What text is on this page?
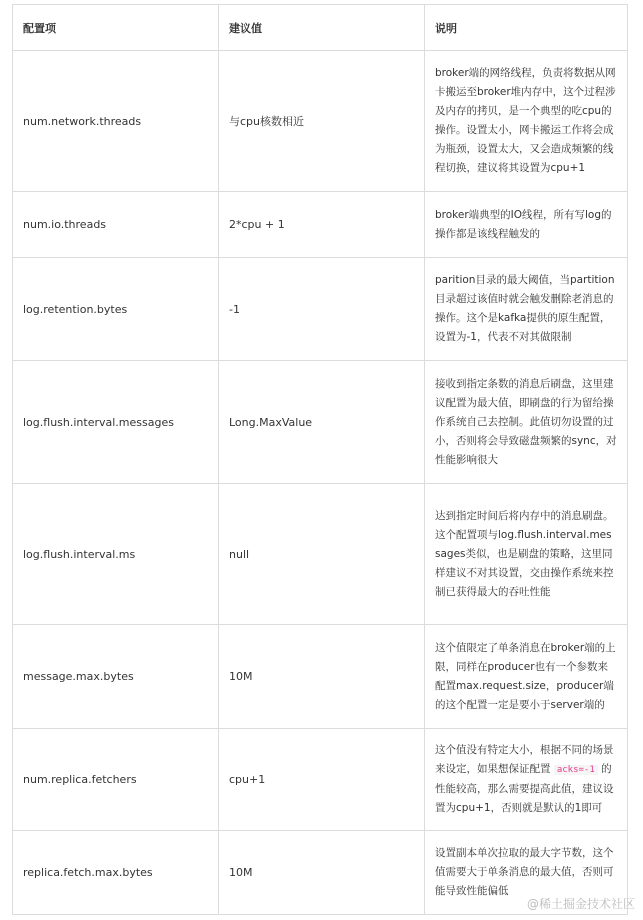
配置项	建议值	说明
num.network.threads	与cpu核数相近	broker端的网络线程，负责将数据从网卡搬运至broker堆内存中，这个过程涉及内存的拷贝，是一个典型的吃cpu的操作。设置太小，网卡搬运工作将会成为瓶颈，设置太大，又会造成频繁的线程切换，建议将其设置为cpu+1
num.io.threads	2*cpu + 1	broker端典型的IO线程，所有写log的操作都是该线程触发的
log.retention.bytes	-1	parition目录的最大阈值，当partition目录超过该值时就会触发删除老消息的操作。这个是kafka提供的原生配置，设置为-1，代表不对其做限制
log.flush.interval.messages	Long.MaxValue	接收到指定条数的消息后刷盘，这里建议配置为最大值，即刷盘的行为留给操作系统自己去控制。此值切勿设置的过小，否则将会导致磁盘频繁的sync，对性能影响很大
log.flush.interval.ms	null	达到指定时间后将内存中的消息刷盘。这个配置项与log.flush.interval.messages类似，也是刷盘的策略，这里同样建议不对其设置，交由操作系统来控制已获得最大的吞吐性能
message.max.bytes	10M	这个值限定了单条消息在broker端的上限，同样在producer也有一个参数来配置max.request.size，producer端的这个配置一定是要小于server端的
num.replica.fetchers	cpu+1	这个值没有特定大小，根据不同的场景来设定，如果想保证配置 acks=-1 的性能较高，那么需要提高此值，建议设置为cpu+1，否则就是默认的1即可
replica.fetch.max.bytes	10M	设置副本单次拉取的最大字节数，这个值需要大于单条消息的最大值，否则可能导致性能偏低
@稀土掘金技术社区
